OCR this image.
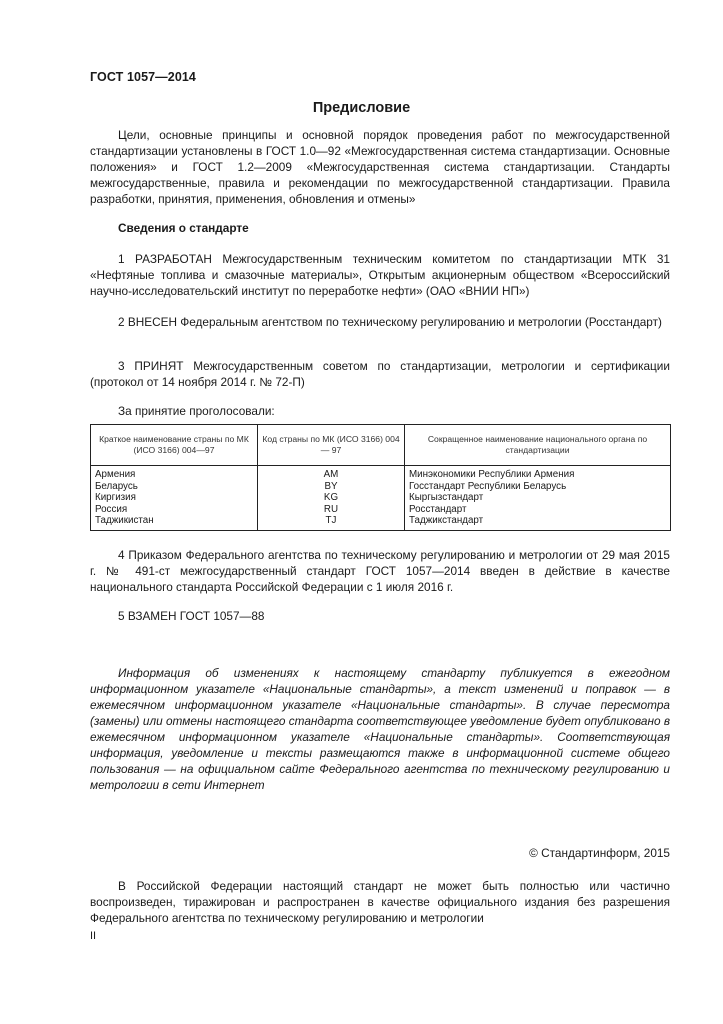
ГОСТ 1057—2014
Предисловие
Цели, основные принципы и основной порядок проведения работ по межгосударственной стандартизации установлены в ГОСТ 1.0—92 «Межгосударственная система стандартизации. Основные положения» и ГОСТ 1.2—2009 «Межгосударственная система стандартизации. Стандарты межгосударственные, правила и рекомендации по межгосударственной стандартизации. Правила разработки, принятия, применения, обновления и отмены»
Сведения о стандарте
1 РАЗРАБОТАН Межгосударственным техническим комитетом по стандартизации МТК 31 «Нефтяные топлива и смазочные материалы», Открытым акционерным обществом «Всероссийский научно-исследовательский институт по переработке нефти» (ОАО «ВНИИ НП»)
2 ВНЕСЕН Федеральным агентством по техническому регулированию и метрологии (Росстандарт)
3 ПРИНЯТ Межгосударственным советом по стандартизации, метрологии и сертификации (протокол от 14 ноября 2014 г. № 72-П)
За принятие проголосовали:
Краткое наименование страны по МК (ИСО 3166) 004—97	Код страны по МК (ИСО 3166) 004 — 97	Сокращенное наименование национального органа по стандартизации
Армения	AM	Минэкономики Республики Армения
Беларусь	BY	Госстандарт Республики Беларусь
Киргизия	KG	Кыргызстандарт
Россия	RU	Росстандарт
Таджикистан	TJ	Таджикстандарт
4 Приказом Федерального агентства по техническому регулированию и метрологии от 29 мая 2015 г. № 491-ст межгосударственный стандарт ГОСТ 1057—2014 введен в действие в качестве национального стандарта Российской Федерации с 1 июля 2016 г.
5 ВЗАМЕН ГОСТ 1057—88
Информация об изменениях к настоящему стандарту публикуется в ежегодном информационном указателе «Национальные стандарты», а текст изменений и поправок — в ежемесячном информационном указателе «Национальные стандарты». В случае пересмотра (замены) или отмены настоящего стандарта соответствующее уведомление будет опубликовано в ежемесячном информационном указателе «Национальные стандарты». Соответствующая информация, уведомление и тексты размещаются также в информационной системе общего пользования — на официальном сайте Федерального агентства по техническому регулированию и метрологии в сети Интернет
© Стандартинформ, 2015
В Российской Федерации настоящий стандарт не может быть полностью или частично воспроизведен, тиражирован и распространен в качестве официального издания без разрешения Федерального агентства по техническому регулированию и метрологии
II
